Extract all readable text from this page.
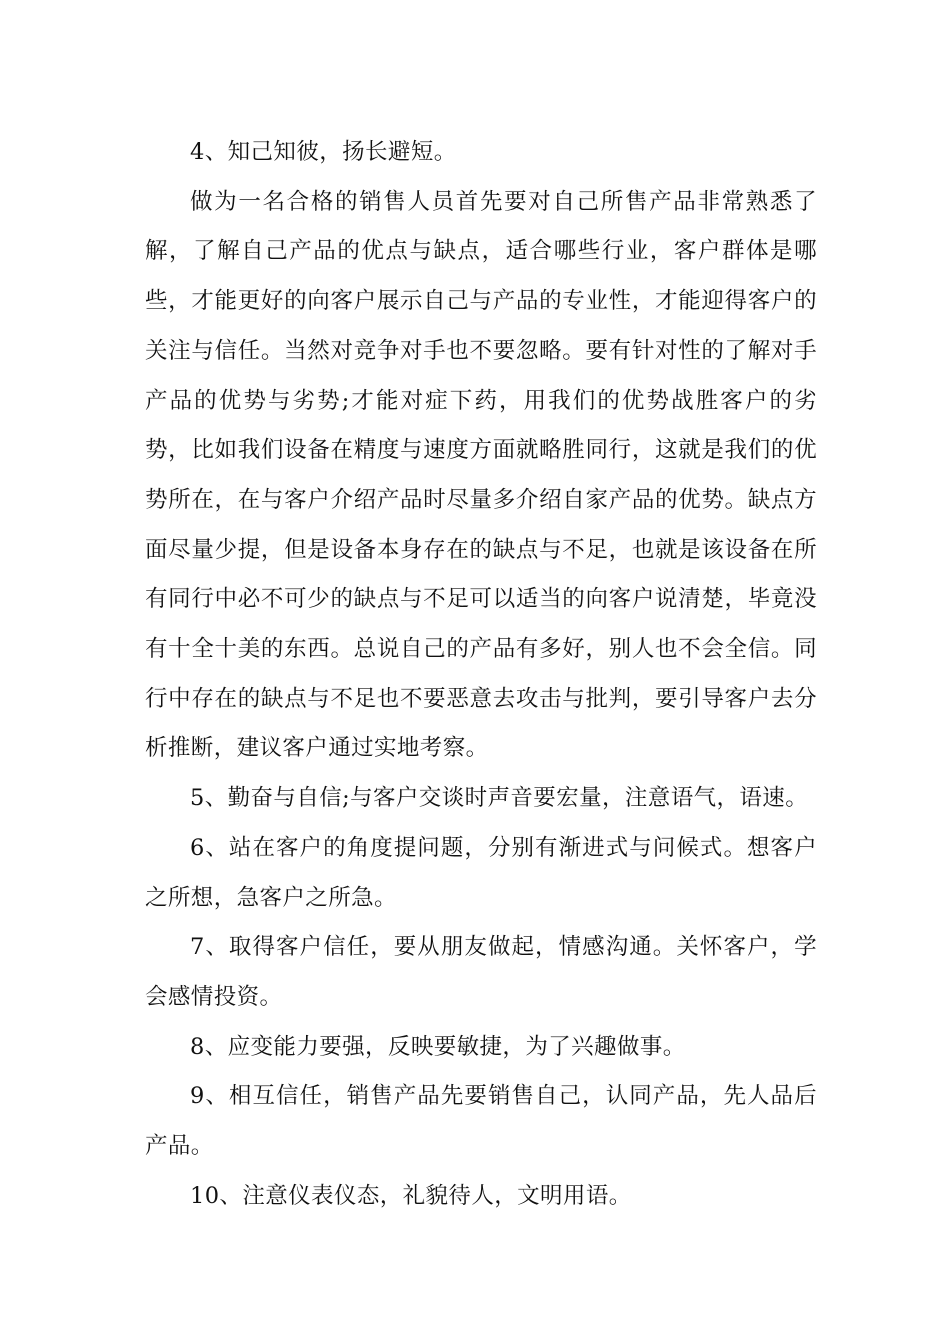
4、知己知彼，扬长避短。

做为一名合格的销售人员首先要对自己所售产品非常熟悉了解，了解自己产品的优点与缺点，适合哪些行业，客户群体是哪些，才能更好的向客户展示自己与产品的专业性，才能迎得客户的关注与信任。当然对竞争对手也不要忽略。要有针对性的了解对手产品的优势与劣势;才能对症下药，用我们的优势战胜客户的劣势，比如我们设备在精度与速度方面就略胜同行，这就是我们的优势所在，在与客户介绍产品时尽量多介绍自家产品的优势。缺点方面尽量少提，但是设备本身存在的缺点与不足，也就是该设备在所有同行中必不可少的缺点与不足可以适当的向客户说清楚，毕竟没有十全十美的东西。总说自己的产品有多好，别人也不会全信。同行中存在的缺点与不足也不要恶意去攻击与批判，要引导客户去分析推断，建议客户通过实地考察。

5、勤奋与自信;与客户交谈时声音要宏量，注意语气，语速。

6、站在客户的角度提问题，分别有渐进式与问候式。想客户之所想，急客户之所急。

7、取得客户信任，要从朋友做起，情感沟通。关怀客户，学会感情投资。

8、应变能力要强，反映要敏捷，为了兴趣做事。

9、相互信任，销售产品先要销售自己，认同产品，先人品后产品。

10、注意仪表仪态，礼貌待人，文明用语。
